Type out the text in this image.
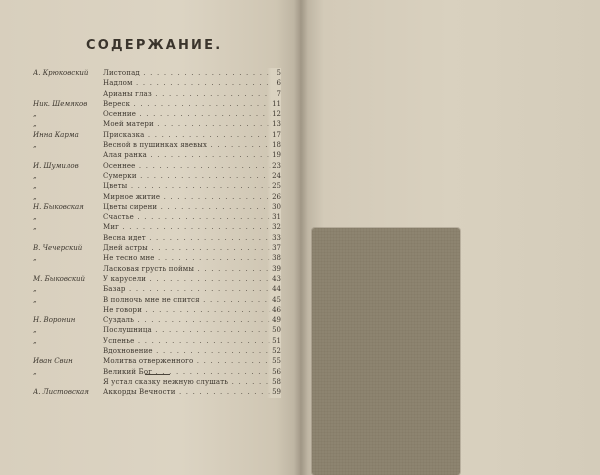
СОДЕРЖАНИЕ.
А. Крюковский	Листопад . . .	5
Надлом . . .	6
Арианы глаз . . .	7
Ник. Шемяков	Вереск . . .	11
„	Осенние . . .	12
„	Моей матери . . .	13
Инна Карма	Присказка . . .	17
„	Весной в пушинках явевых . . .	18
Алая ранка . . .	19
И. Шумилов	Осеннее . . .	23
„	Сумерки . . .	24
„	Цветы . . .	25
„	Мирное житие . . .	26
Н. Быковская	Цветы сирени . . .	30
„	Счастье . . .	31
„	Миг . . .	32
Весна идет . . .	33
В. Чечерский	Дней астры . . .	37
„	Не тесно мне . . .	38
Ласковая грусть поймы . . .	39
М. Быковский	У карусели . . .	43
„	Базар . . .	44
„	В полночь мне не спится . . .	45
Не говори . . .	46
Н. Воронин	Суздаль . . .	49
„	Послушница . . .	50
„	Успенье . . .	51
Вдохновение . . .	52
Иван Свин	Молитва отверженного . . .	55
„	Великий Бог . . .	56
Я устал сказку нежную слушать . . .	58
А. Листовская	Аккорды Вечности . . .	59
